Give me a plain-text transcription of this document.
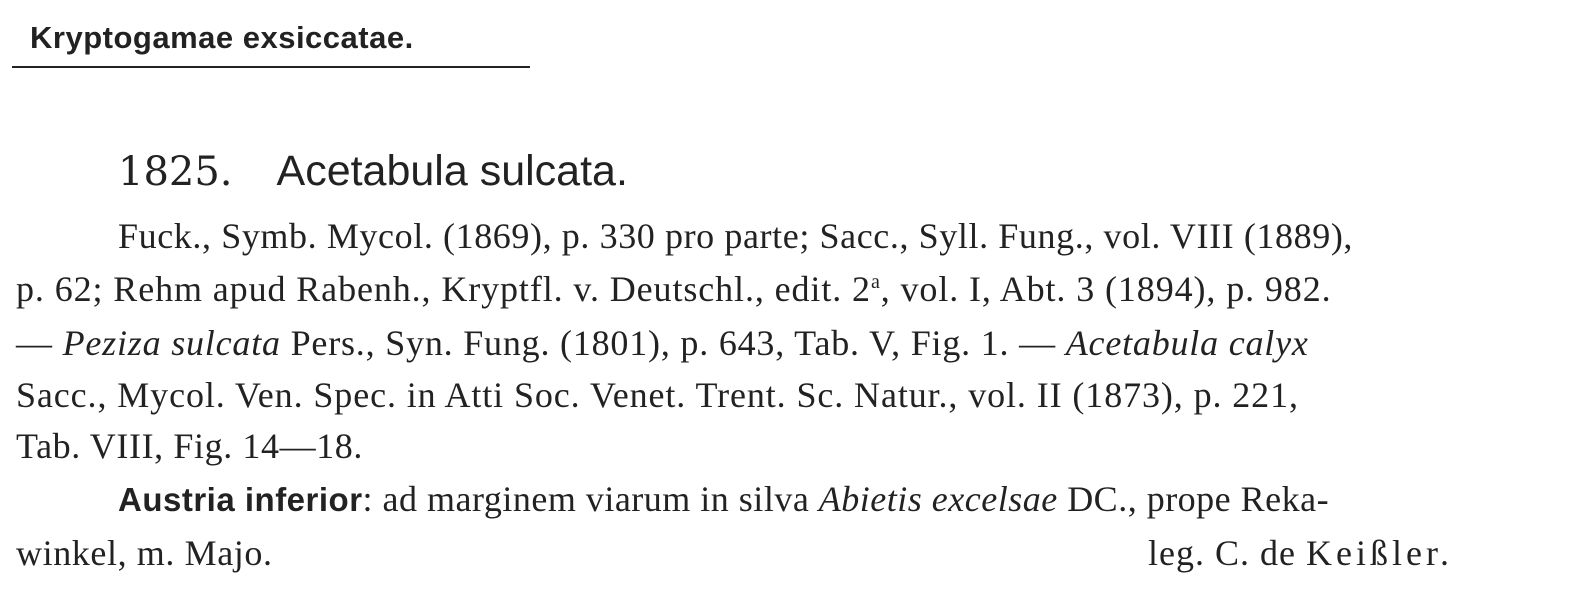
Kryptogamae exsiccatae.
1825. Acetabula sulcata.
Fuck., Symb. Mycol. (1869), p. 330 pro parte; Sacc., Syll. Fung., vol. VIII (1889),
p. 62; Rehm apud Rabenh., Kryptfl. v. Deutschl., edit. 2$^a$, vol. I, Abt. 3 (1894), p. 982.
— Peziza sulcata Pers., Syn. Fung. (1801), p. 643, Tab. V, Fig. 1. — Acetabula calyx
Sacc., Mycol. Ven. Spec. in Atti Soc. Venet. Trent. Sc. Natur., vol. II (1873), p. 221,
Tab. VIII, Fig. 14—18.
Austria inferior: ad marginem viarum in silva Abietis excelsae DC., prope Reka-
winkel, m. Majo.	leg. C. de Keißler.
